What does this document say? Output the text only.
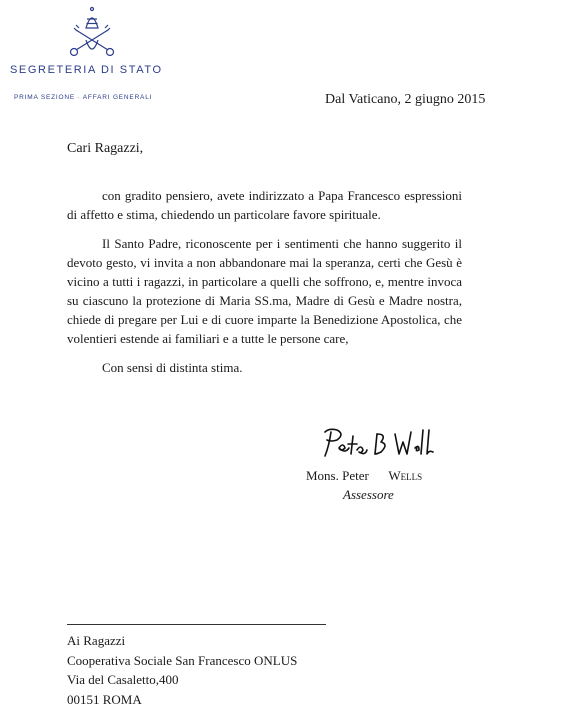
SEGRETERIA DI STATO
PRIMA SEZIONE · AFFARI GENERALI	Dal Vaticano, 2 giugno 2015
Cari Ragazzi,

con gradito pensiero, avete indirizzato a Papa Francesco espressioni di affetto e stima, chiedendo un particolare favore spirituale.

Il Santo Padre, riconoscente per i sentimenti che hanno suggerito il devoto gesto, vi invita a non abbandonare mai la speranza, certi che Gesù è vicino a tutti i ragazzi, in particolare a quelli che soffrono, e, mentre invoca su ciascuno la protezione di Maria SS.ma, Madre di Gesù e Madre nostra, chiede di pregare per Lui e di cuore imparte la Benedizione Apostolica, che volentieri estende ai familiari e a tutte le persone care,

Con sensi di distinta stima.

Mons. Peter Wells
Assessore
Ai Ragazzi
Cooperativa Sociale San Francesco ONLUS
Via del Casaletto,400
00151 ROMA
